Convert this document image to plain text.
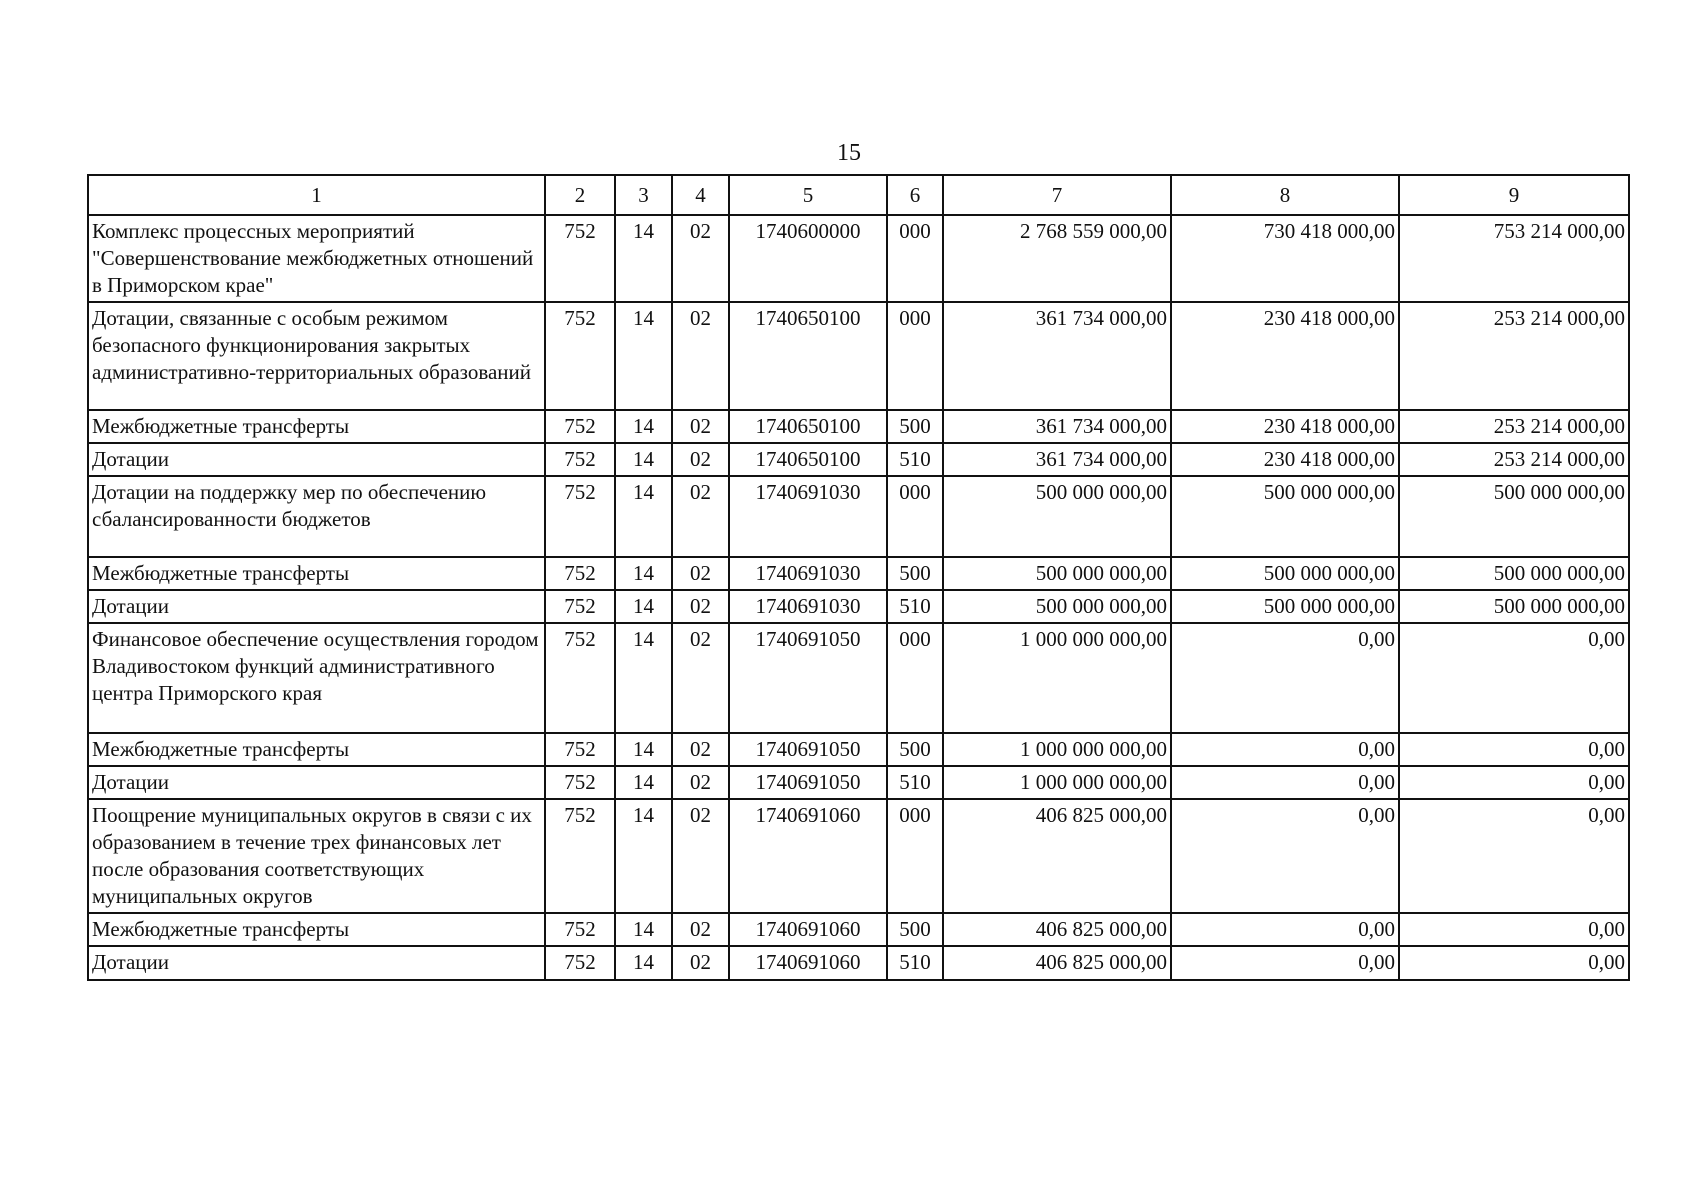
15
1	2	3	4	5	6	7	8	9
Комплекс процессных мероприятий "Совершенствование межбюджетных отношений в Приморском крае"	752	14	02	1740600000	000	2 768 559 000,00	730 418 000,00	753 214 000,00
Дотации, связанные с особым режимом безопасного функционирования закрытых административно-территориальных образований	752	14	02	1740650100	000	361 734 000,00	230 418 000,00	253 214 000,00
Межбюджетные трансферты	752	14	02	1740650100	500	361 734 000,00	230 418 000,00	253 214 000,00
Дотации	752	14	02	1740650100	510	361 734 000,00	230 418 000,00	253 214 000,00
Дотации на поддержку мер по обеспечению сбалансированности бюджетов	752	14	02	1740691030	000	500 000 000,00	500 000 000,00	500 000 000,00
Межбюджетные трансферты	752	14	02	1740691030	500	500 000 000,00	500 000 000,00	500 000 000,00
Дотации	752	14	02	1740691030	510	500 000 000,00	500 000 000,00	500 000 000,00
Финансовое обеспечение осуществления городом Владивостоком функций административного центра Приморского края	752	14	02	1740691050	000	1 000 000 000,00	0,00	0,00
Межбюджетные трансферты	752	14	02	1740691050	500	1 000 000 000,00	0,00	0,00
Дотации	752	14	02	1740691050	510	1 000 000 000,00	0,00	0,00
Поощрение муниципальных округов в связи с их образованием в течение трех финансовых лет после образования соответствующих муниципальных округов	752	14	02	1740691060	000	406 825 000,00	0,00	0,00
Межбюджетные трансферты	752	14	02	1740691060	500	406 825 000,00	0,00	0,00
Дотации	752	14	02	1740691060	510	406 825 000,00	0,00	0,00
